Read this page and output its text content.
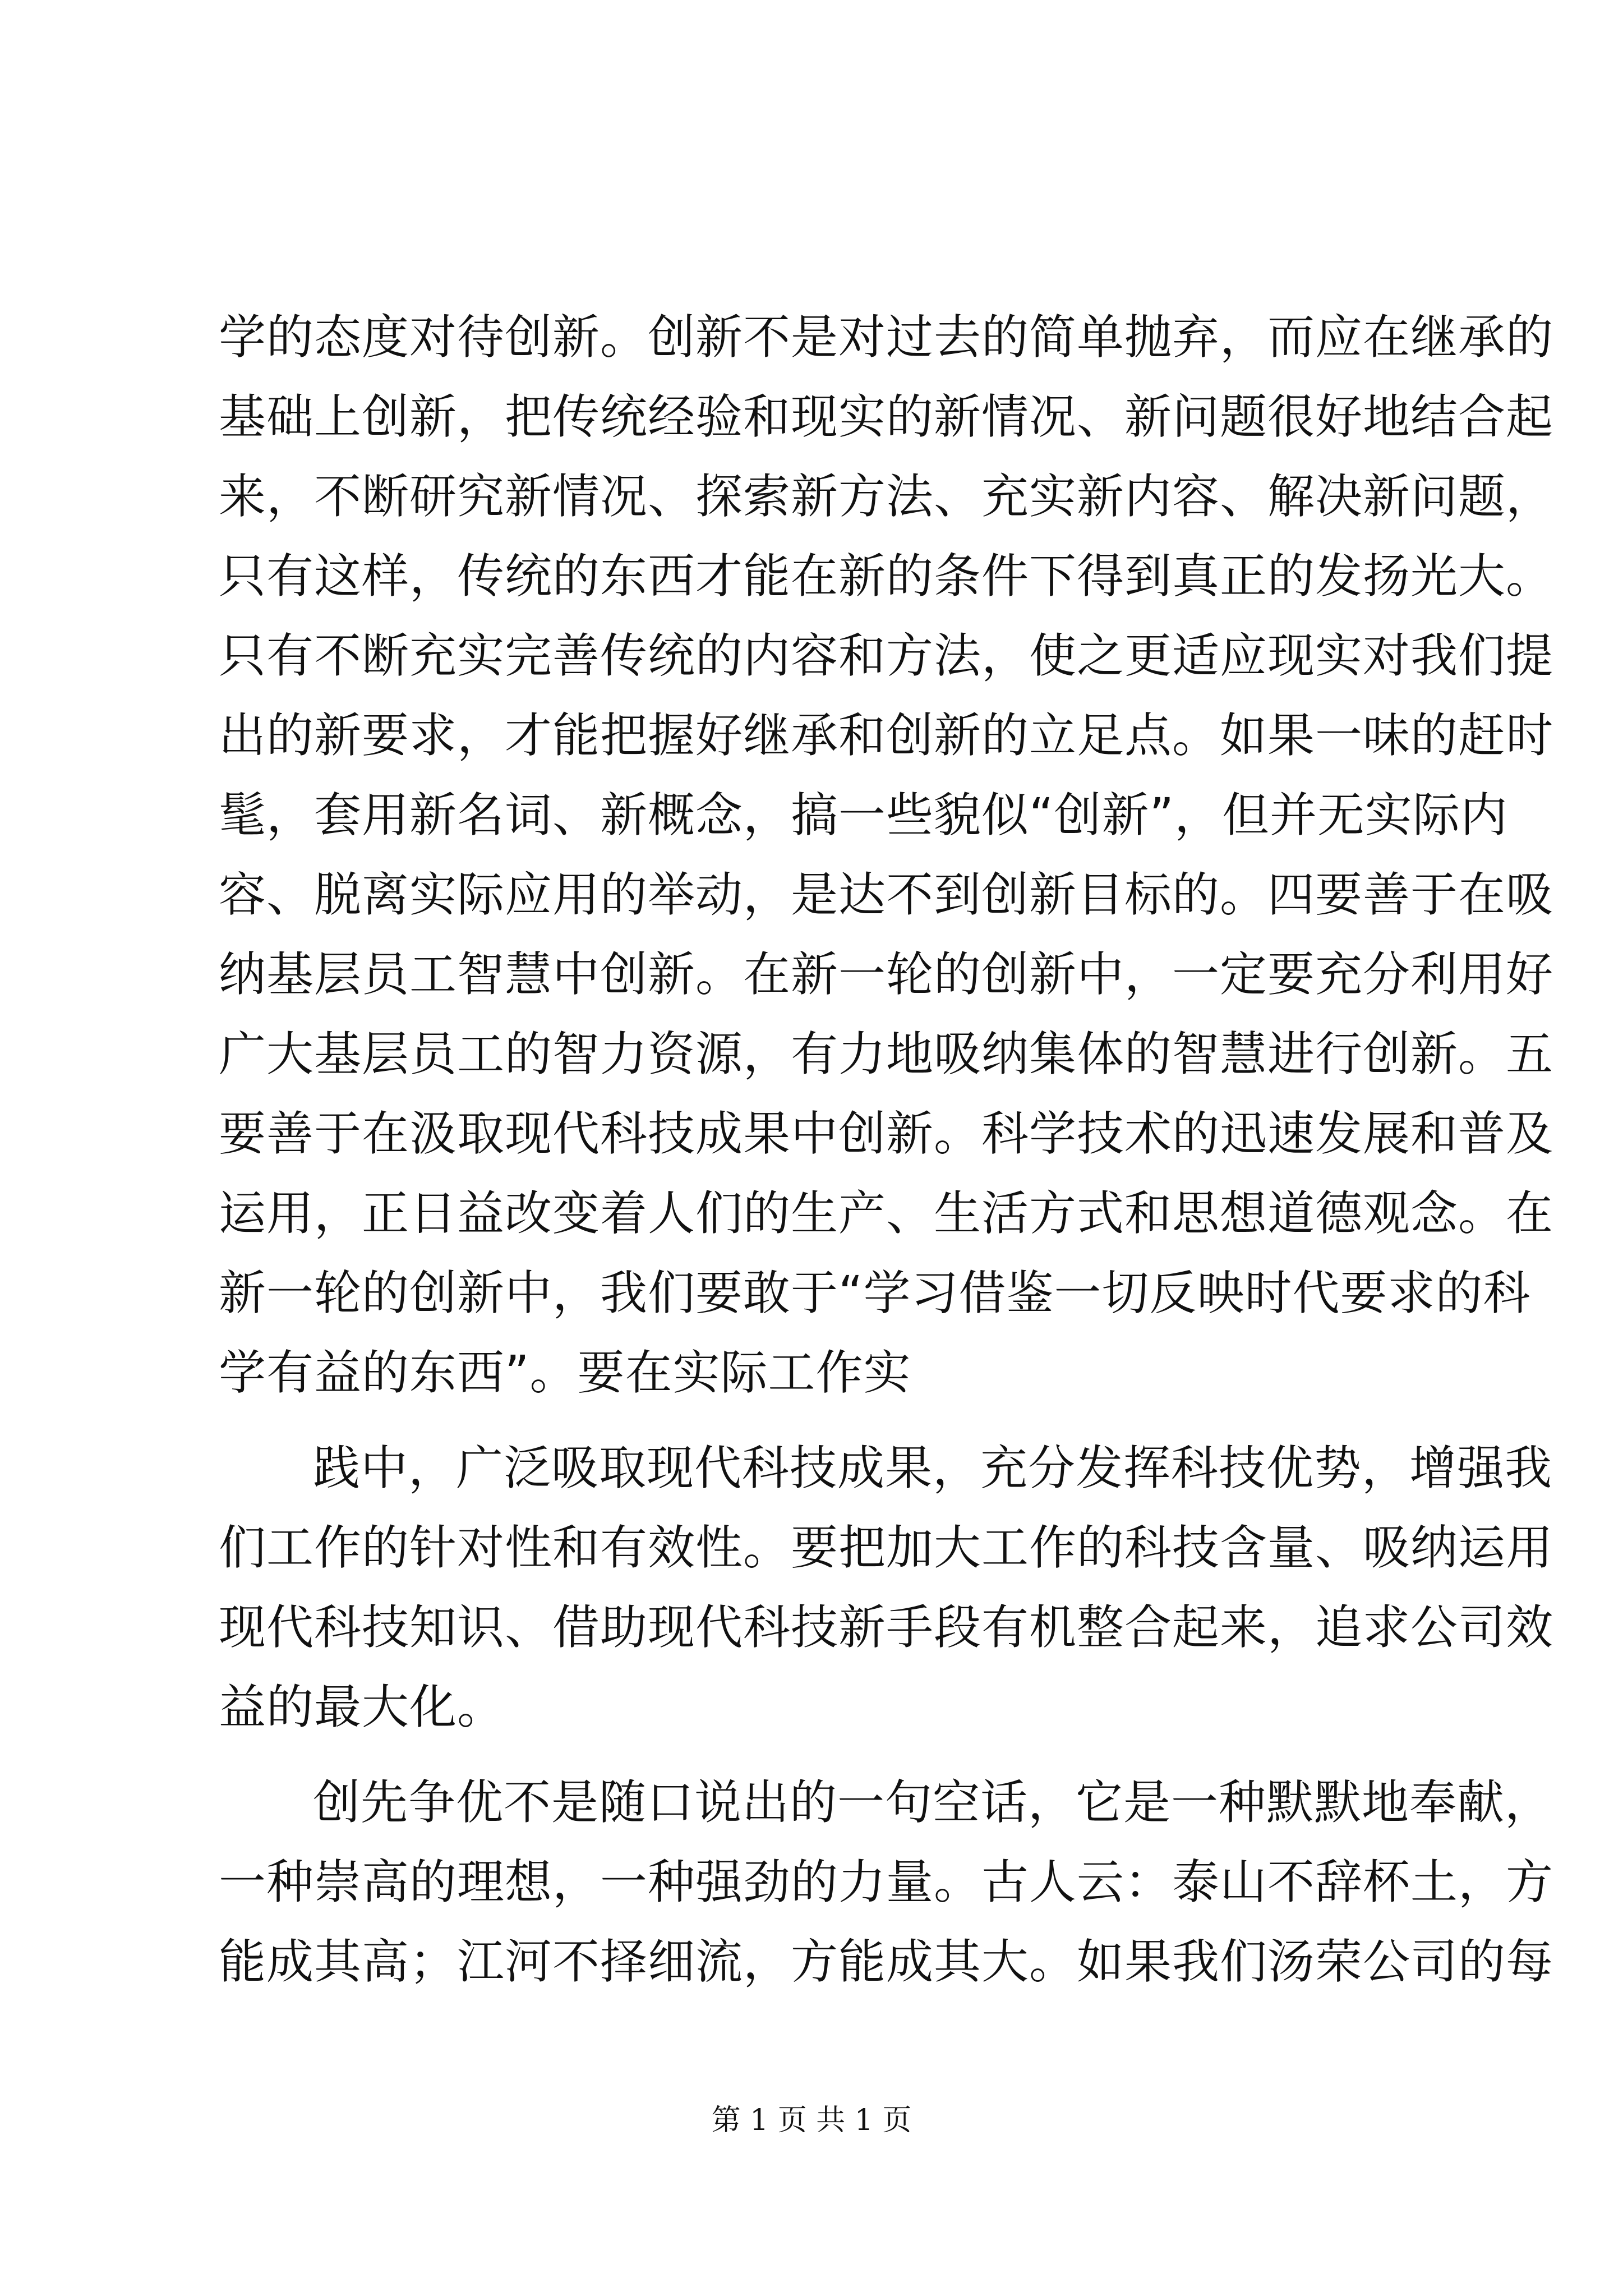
学的态度对待创新。创新不是对过去的简单抛弃，而应在继承的
基础上创新，把传统经验和现实的新情况、新问题很好地结合起
来，不断研究新情况、探索新方法、充实新内容、解决新问题，
只有这样，传统的东西才能在新的条件下得到真正的发扬光大。
只有不断充实完善传统的内容和方法，使之更适应现实对我们提
出的新要求，才能把握好继承和创新的立足点。如果一味的赶时
髦，套用新名词、新概念，搞一些貌似“创新”，但并无实际内
容、脱离实际应用的举动，是达不到创新目标的。四要善于在吸
纳基层员工智慧中创新。在新一轮的创新中，一定要充分利用好
广大基层员工的智力资源，有力地吸纳集体的智慧进行创新。五
要善于在汲取现代科技成果中创新。科学技术的迅速发展和普及
运用，正日益改变着人们的生产、生活方式和思想道德观念。在
新一轮的创新中，我们要敢于“学习借鉴一切反映时代要求的科
学有益的东西”。要在实际工作实
践中，广泛吸取现代科技成果，充分发挥科技优势，增强我
们工作的针对性和有效性。要把加大工作的科技含量、吸纳运用
现代科技知识、借助现代科技新手段有机整合起来，追求公司效
益的最大化。
创先争优不是随口说出的一句空话，它是一种默默地奉献，
一种崇高的理想，一种强劲的力量。古人云：泰山不辞杯土，方
能成其高；江河不择细流，方能成其大。如果我们汤荣公司的每
第 1 页 共 1 页
